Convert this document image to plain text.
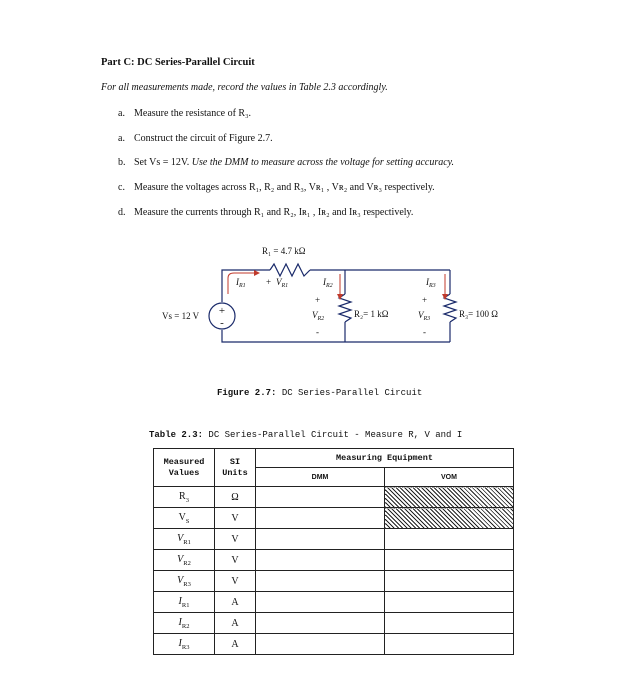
Part C: DC Series-Parallel Circuit
For all measurements made, record the values in Table 2.3 accordingly.
a. Measure the resistance of R₃.
a. Construct the circuit of Figure 2.7.
b. Set Vs = 12V. Use the DMM to measure across the voltage for setting accuracy.
c. Measure the voltages across R₁, R₂ and R₃, Vʀ₁ , Vʀ₂ and Vʀ₃ respectively.
d. Measure the currents through R₁ and R₂, Iʀ₁ , Iʀ₂ and Iʀ₃ respectively.
+
-
Vs = 12 V
R₁ = 4.7 kΩ
R₂= 1 kΩ	R₃= 100 Ω
$I_{R1}$	$I_{R2}$	$I_{R3}$
+ $V_{R1}$
+
$V_{R2}$
-
+
$V_{R3}$
-
Figure 2.7: DC Series-Parallel Circuit
Table 2.3: DC Series-Parallel Circuit - Measure R, V and I
Measured Values	SI Units	Measuring Equipment	
		DMM	VOM
$R_3$	Ω		
$V_S$	V		
$V_{R1}$	V		
$V_{R2}$	V		
$V_{R3}$	V		
$I_{R1}$	A		
$I_{R2}$	A		
$I_{R3}$	A		
